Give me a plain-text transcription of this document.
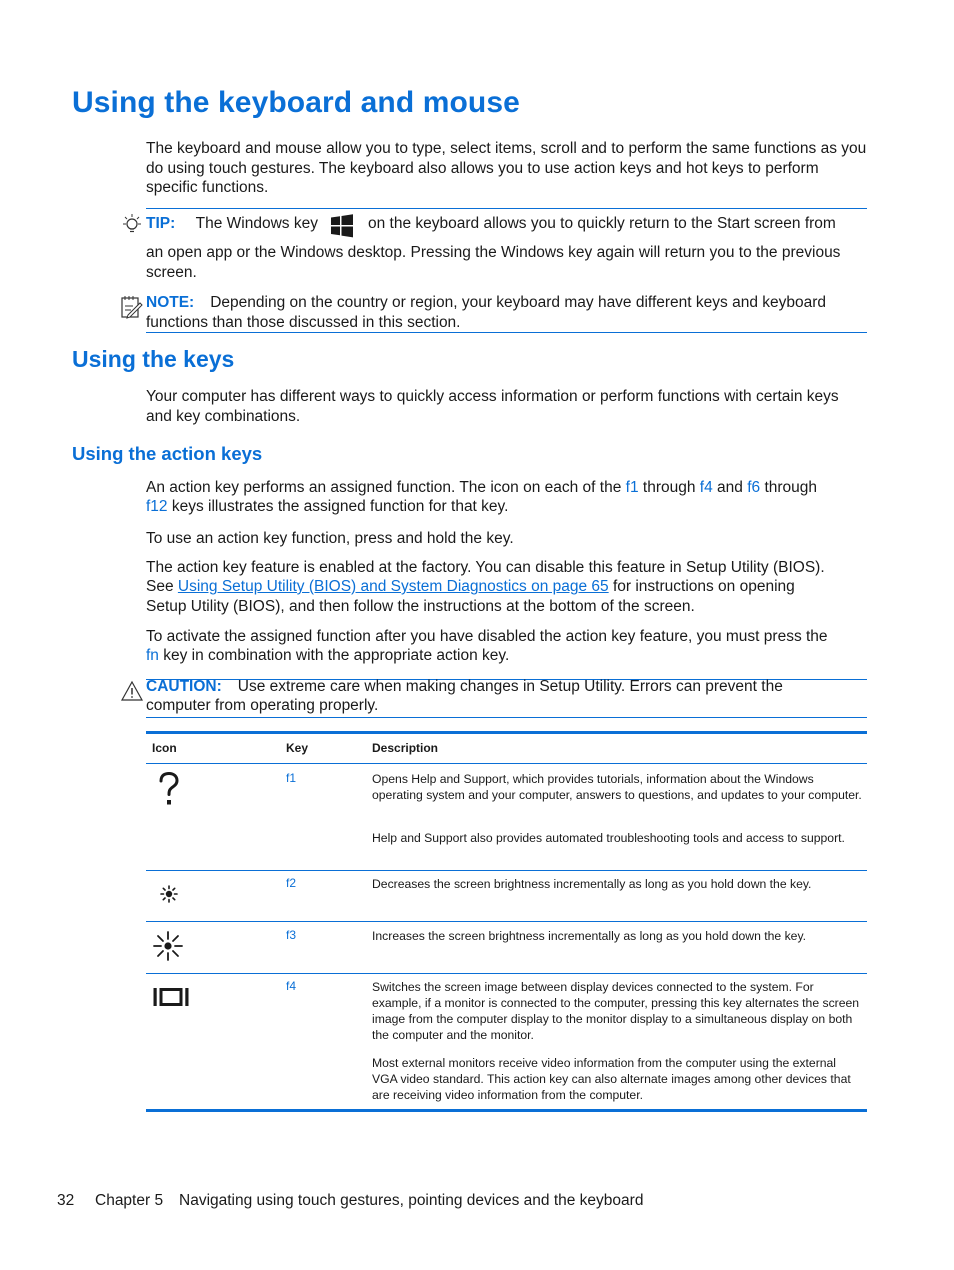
Using the keyboard and mouse

The keyboard and mouse allow you to type, select items, scroll and to perform the same functions as you do using touch gestures. The keyboard also allows you to use action keys and hot keys to perform specific functions.

TIP: The Windows key	on the keyboard allows you to quickly return to the Start screen from

an open app or the Windows desktop. Pressing the Windows key again will return you to the previous screen.

NOTE: Depending on the country or region, your keyboard may have different keys and keyboard functions than those discussed in this section.

Using the keys

Your computer has different ways to quickly access information or perform functions with certain keys and key combinations.

Using the action keys
An action key performs an assigned function. The icon on each of the f1 through f4 and f6 through
f12 keys illustrates the assigned function for that key.

To use an action key function, press and hold the key.

The action key feature is enabled at the factory. You can disable this feature in Setup Utility (BIOS).
See Using Setup Utility (BIOS) and System Diagnostics on page 65 for instructions on opening
Setup Utility (BIOS), and then follow the instructions at the bottom of the screen.
To activate the assigned function after you have disabled the action key feature, you must press the
fn key in combination with the appropriate action key.
CAUTION: Use extreme care when making changes in Setup Utility. Errors can prevent the
computer from operating properly.
Icon	Key	Description
f1	Opens Help and Support, which provides tutorials, information about the Windows operating system and your computer, answers to questions, and updates to your computer.

Help and Support also provides automated troubleshooting tools and access to support.

f2	Decreases the screen brightness incrementally as long as you hold down the key.

f3	Increases the screen brightness incrementally as long as you hold down the key.

f4	Switches the screen image between display devices connected to the system. For example, if a monitor is connected to the computer, pressing this key alternates the screen image from the computer display to the monitor display to a simultaneous display on both the computer and the monitor.

Most external monitors receive video information from the computer using the external VGA video standard. This action key can also alternate images among other devices that are receiving video information from the computer.

32 Chapter 5 Navigating using touch gestures, pointing devices and the keyboard
